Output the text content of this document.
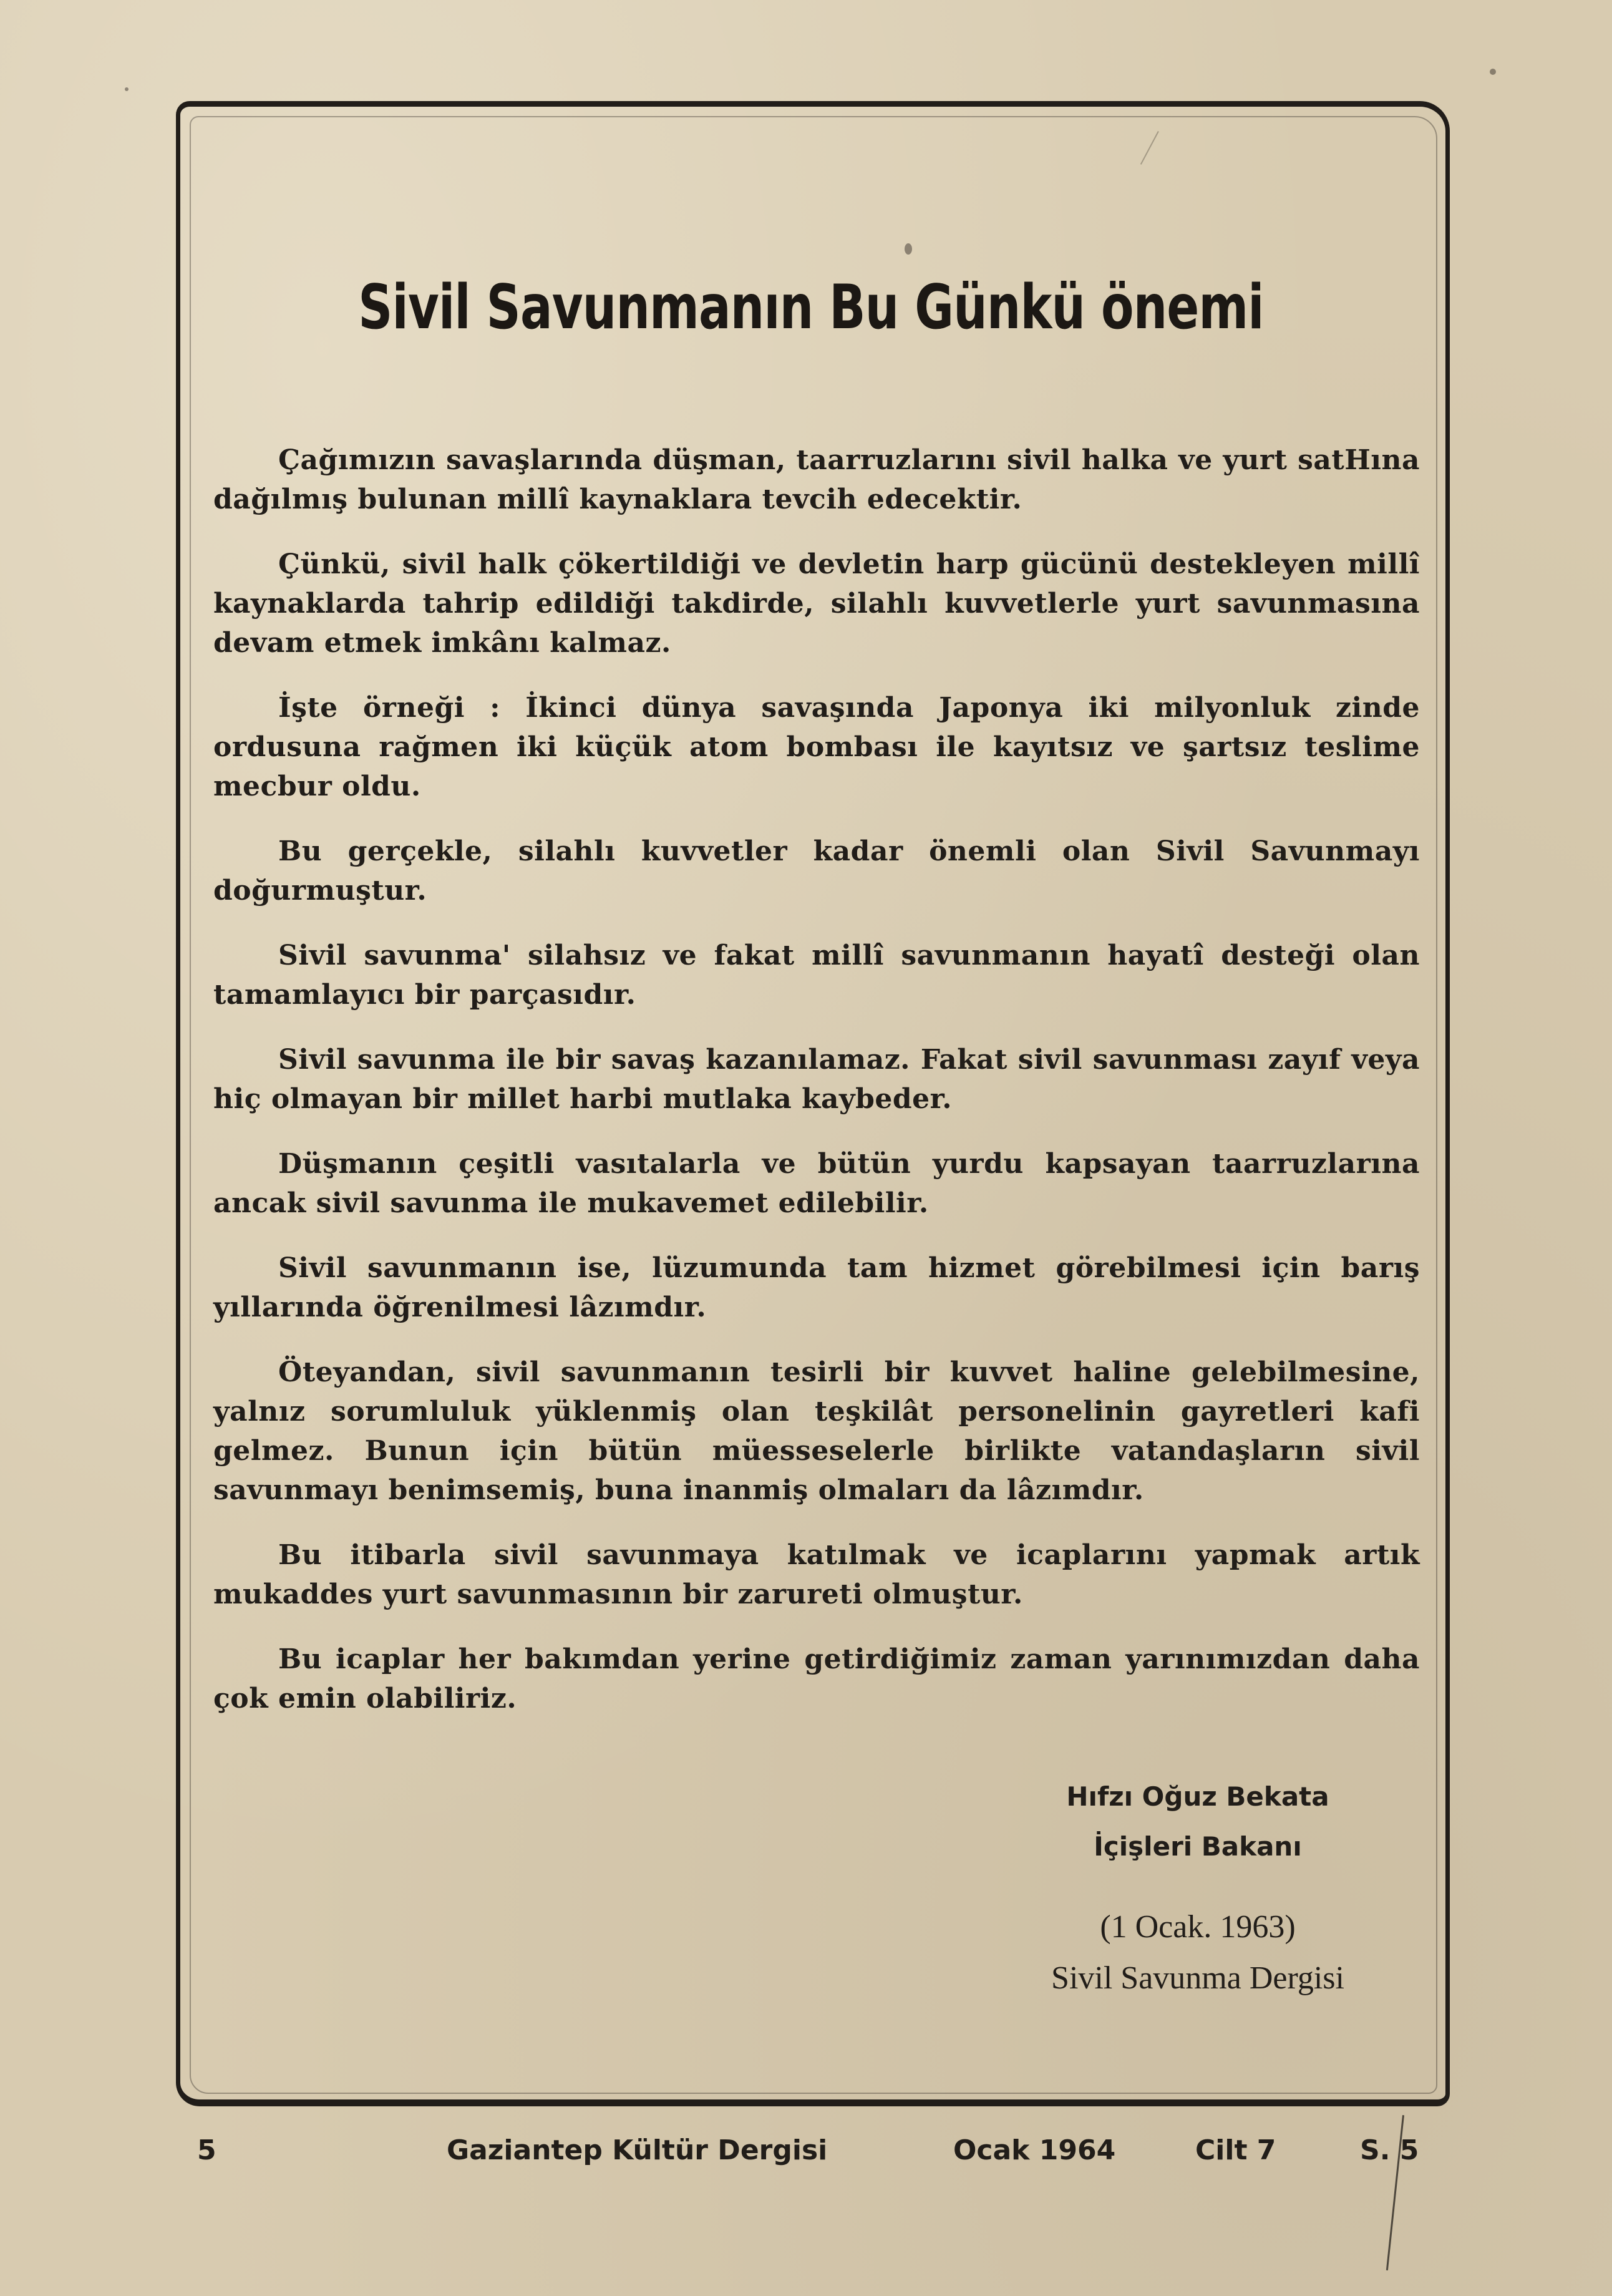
Sivil Savunmanın Bu Günkü önemi

Çağımızın savaşlarında düşman, taarruzlarını sivil halka ve yurt satHına dağılmış bulunan millî kaynaklara tevcih edecektir.

Çünkü, sivil halk çökertildiği ve devletin harp gücünü destekleyen millî kaynaklarda tahrip edildiği takdirde, silahlı kuvvetlerle yurt savunmasına devam etmek imkânı kalmaz.

İşte örneği : İkinci dünya savaşında Japonya iki milyonluk zinde ordusuna rağmen iki küçük atom bombası ile kayıtsız ve şartsız teslime mecbur oldu.

Bu gerçekle, silahlı kuvvetler kadar önemli olan Sivil Savunmayı doğurmuştur.

Sivil savunma' silahsız ve fakat millî savunmanın hayatî desteği olan tamamlayıcı bir parçasıdır.

Sivil savunma ile bir savaş kazanılamaz. Fakat sivil savunması zayıf veya hiç olmayan bir millet harbi mutlaka kaybeder.

Düşmanın çeşitli vasıtalarla ve bütün yurdu kapsayan taarruzlarına ancak sivil savunma ile mukavemet edilebilir.

Sivil savunmanın ise, lüzumunda tam hizmet görebilmesi için barış yıllarında öğrenilmesi lâzımdır.

Öteyandan, sivil savunmanın tesirli bir kuvvet haline gelebilmesine, yalnız sorumluluk yüklenmiş olan teşkilât personelinin gayretleri kafi gelmez. Bunun için bütün müesseselerle birlikte vatandaşların sivil savunmayı benimsemiş, buna inanmiş olmaları da lâzımdır.

Bu itibarla sivil savunmaya katılmak ve icaplarını yapmak artık mukaddes yurt savunmasının bir zarureti olmuştur.

Bu icaplar her bakımdan yerine getirdiğimiz zaman yarınımızdan daha çok emin olabiliriz.

Hıfzı Oğuz Bekata
İçişleri Bakanı
(1 Ocak. 1963)
Sivil Savunma Dergisi
5	Gaziantep Kültür Dergisi	Ocak 1964	Cilt 7	S. 5
